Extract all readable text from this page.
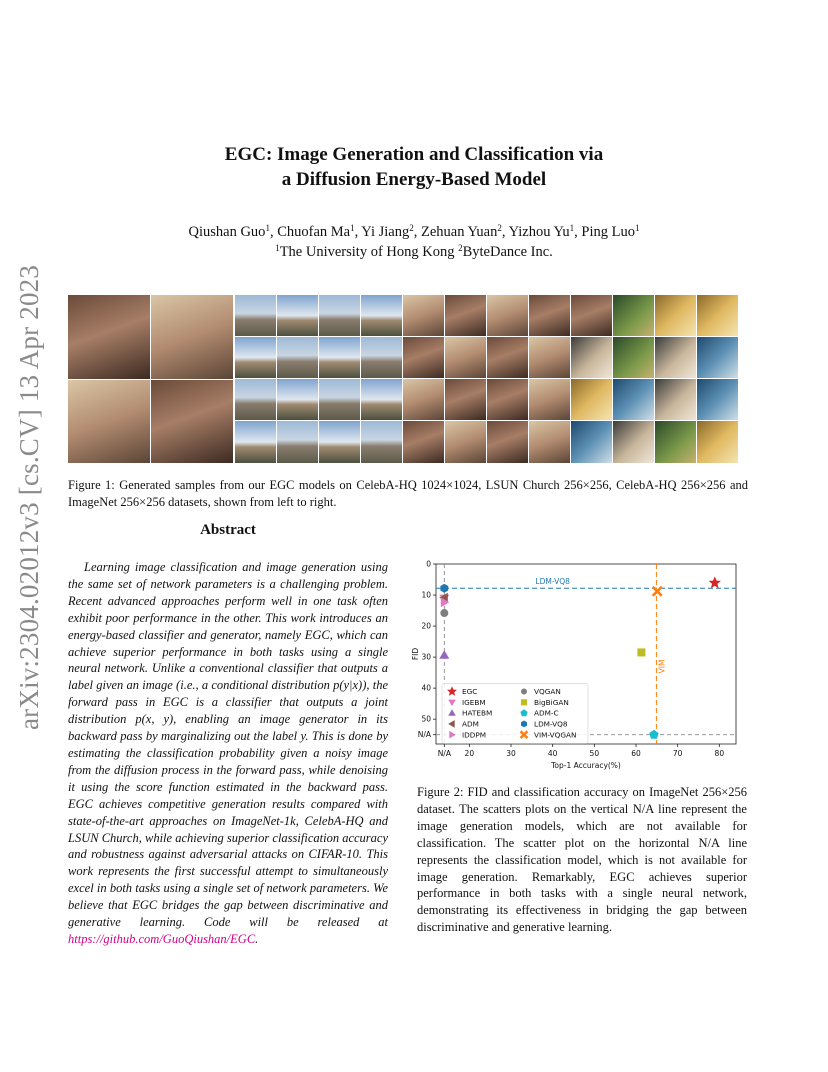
arXiv:2304.02012v3 [cs.CV] 13 Apr 2023
EGC: Image Generation and Classification via
a Diffusion Energy-Based Model
Qiushan Guo$^1$, Chuofan Ma$^1$, Yi Jiang$^2$, Zehuan Yuan$^2$, Yizhou Yu$^1$, Ping Luo$^1$
$^1$The University of Hong Kong $^2$ByteDance Inc.
Figure 1: Generated samples from our EGC models on CelebA-HQ 1024×1024, LSUN Church 256×256, CelebA-HQ 256×256 and ImageNet 256×256 datasets, shown from left to right.
Abstract
Learning image classification and image generation using the same set of network parameters is a challenging problem. Recent advanced approaches perform well in one task often exhibit poor performance in the other. This work introduces an energy-based classifier and generator, namely EGC, which can achieve superior performance in both tasks using a single neural network. Unlike a conventional classifier that outputs a label given an image (i.e., a conditional distribution p(y|x)), the forward pass in EGC is a classifier that outputs a joint distribution p(x, y), enabling an image generator in its backward pass by marginalizing out the label y. This is done by estimating the classification probability given a noisy image from the diffusion process in the forward pass, while denoising it using the score function estimated in the backward pass. EGC achieves competitive generation results compared with state-of-the-art approaches on ImageNet-1k, CelebA-HQ and LSUN Church, while achieving superior classification accuracy and robustness against adversarial attacks on CIFAR-10. This work represents the first successful attempt to simultaneously excel in both tasks using a single set of network parameters. We believe that EGC bridges the gap between discriminative and generative learning. Code will be released at https://github.com/GuoQiushan/EGC.
N/A 20	30	40	50	60	70	80
0
10
20
30
40
50
N/A
Top-1 Accuracy(%)
FID
LDM-VQ8
VIM
EGC
IGEBM
HATEBM
ADM
IDDPM
VQGAN
BigBiGAN
ADM-C
LDM-VQ8
VIM-VQGAN
Figure 2: FID and classification accuracy on ImageNet 256×256 dataset. The scatters plots on the vertical N/A line represent the image generation models, which are not available for classification. The scatter plot on the horizontal N/A line represents the classification model, which is not available for image generation. Remarkably, EGC achieves superior performance in both tasks with a single neural network, demonstrating its effectiveness in bridging the gap between discriminative and generative learning.
